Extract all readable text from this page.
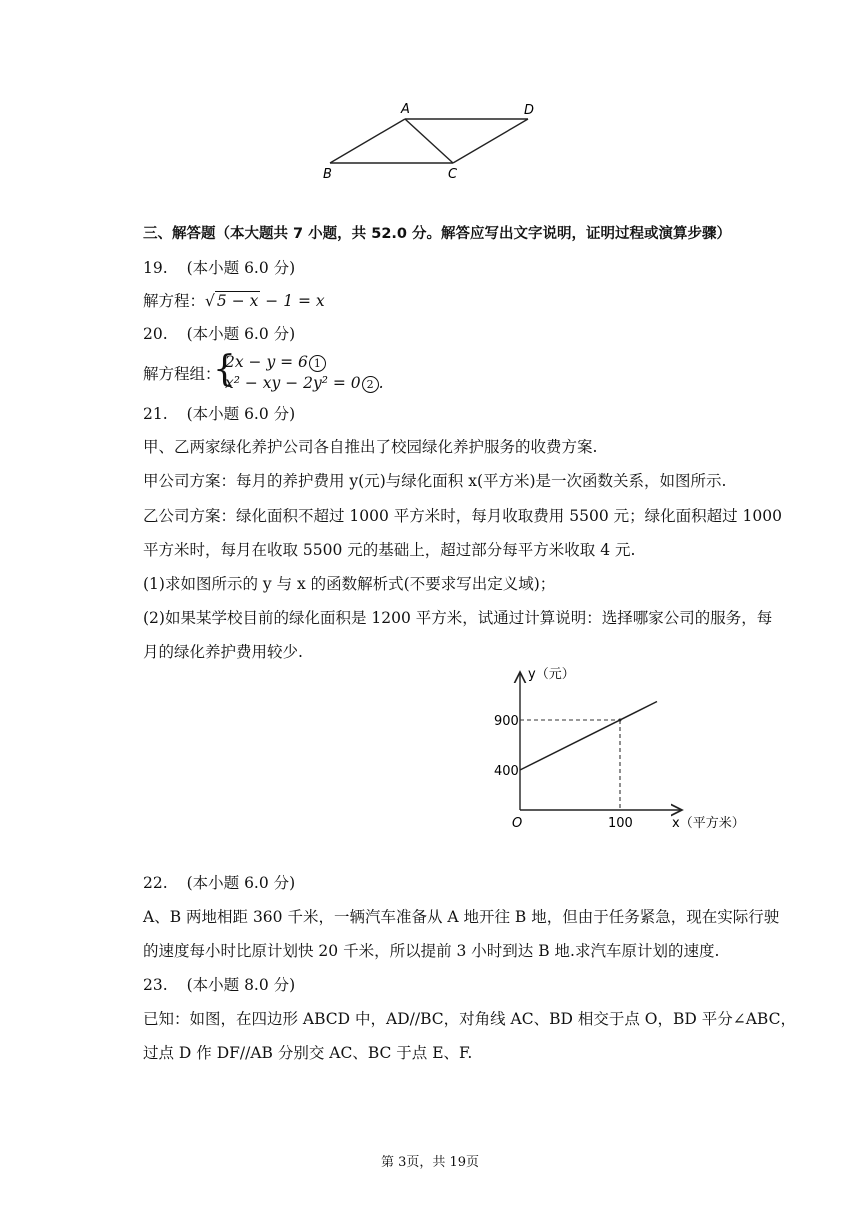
A	D
B	C
三、解答题（本大题共 7 小题，共 52.0 分。解答应写出文字说明，证明过程或演算步骤）
19. (本小题 6.0 分)
解方程：√ 5 − x − 1 = x
20. (本小题 6.0 分)
解方程组：
{
2x − y = 6 1
x² − xy − 2y² = 0 2 .
21. (本小题 6.0 分)
甲、乙两家绿化养护公司各自推出了校园绿化养护服务的收费方案.
甲公司方案：每月的养护费用 y(元)与绿化面积 x(平方米)是一次函数关系，如图所示.
乙公司方案：绿化面积不超过 1000 平方米时，每月收取费用 5500 元；绿化面积超过 1000
平方米时，每月在收取 5500 元的基础上，超过部分每平方米收取 4 元.
(1)求如图所示的 y 与 x 的函数解析式(不要求写出定义域)；
(2)如果某学校目前的绿化面积是 1200 平方米，试通过计算说明：选择哪家公司的服务，每
月的绿化养护费用较少.
400
900
100
y（元）
x（平方米）
O
22. (本小题 6.0 分)
A、B 两地相距 360 千米，一辆汽车准备从 A 地开往 B 地，但由于任务紧急，现在实际行驶
的速度每小时比原计划快 20 千米，所以提前 3 小时到达 B 地.求汽车原计划的速度.
23. (本小题 8.0 分)
已知：如图，在四边形 ABCD 中，AD//BC，对角线 AC、BD 相交于点 O，BD 平分∠ABC，
过点 D 作 DF//AB 分别交 AC、BC 于点 E、F.
第 3页，共 19页
